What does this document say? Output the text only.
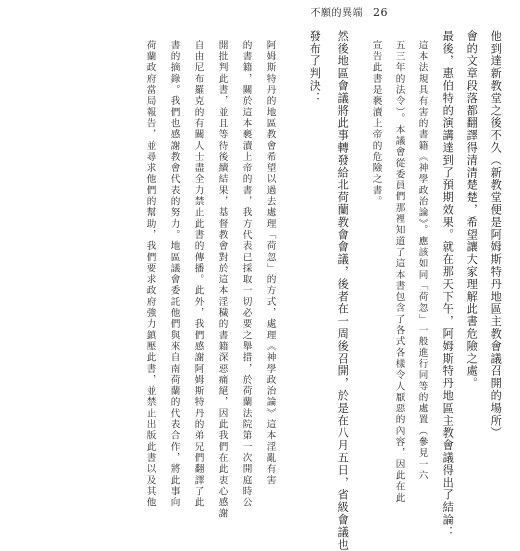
不願的異端 26
他到達新教堂之後不久（新教堂便是阿姆斯特丹地區主教會議召開的場所）
會的文章段落都翻譯得清清楚楚，希望讓大家理解此書危險之處。
最後，惠伯特的演講達到了預期效果。就在那天下午，阿姆斯特丹地區主教會議得出了結論：
這本法規具有害的書籍《神學政治論》。應該如同「荷忽」一般進行同等的處置（參見一六
五三年的法令）。本議會從委員們那裡知道了這本書包含了各式各樣令人厭惡的內容，因此在此
宣告此書是褻瀆上帝的危險之書。
然後地區會議將此事轉發給北荷蘭教會會議，後者在一周後召開，於是在八月五日，省級會議也
發布了判決：
阿姆斯特丹的地區教會希望以過去處理「荷忽」的方式，處理《神學政治論》這本淫亂有害
的書籍，關於這本褻瀆上帝的書，我方代表已採取一切必要之舉措，於荷蘭法院第一次開庭時公
開批判此書，並且等待後續結果，基督教會對於這本淫穢的書籍深惡痛絕，因此我們在此衷心感謝
自由尼布羅克的有關人士盡全力禁止此書的傳播。此外，我們感謝阿姆斯特丹的弟兄們翻譯了此
書的摘錄。我們也感謝教會代表的努力。地區議會委託他們與來自南荷蘭的代表合作，將此事向
荷蘭政府當局報告，並尋求他們的幫助，我們要求政府強力鎮壓此書，並禁止出版此書以及其他
